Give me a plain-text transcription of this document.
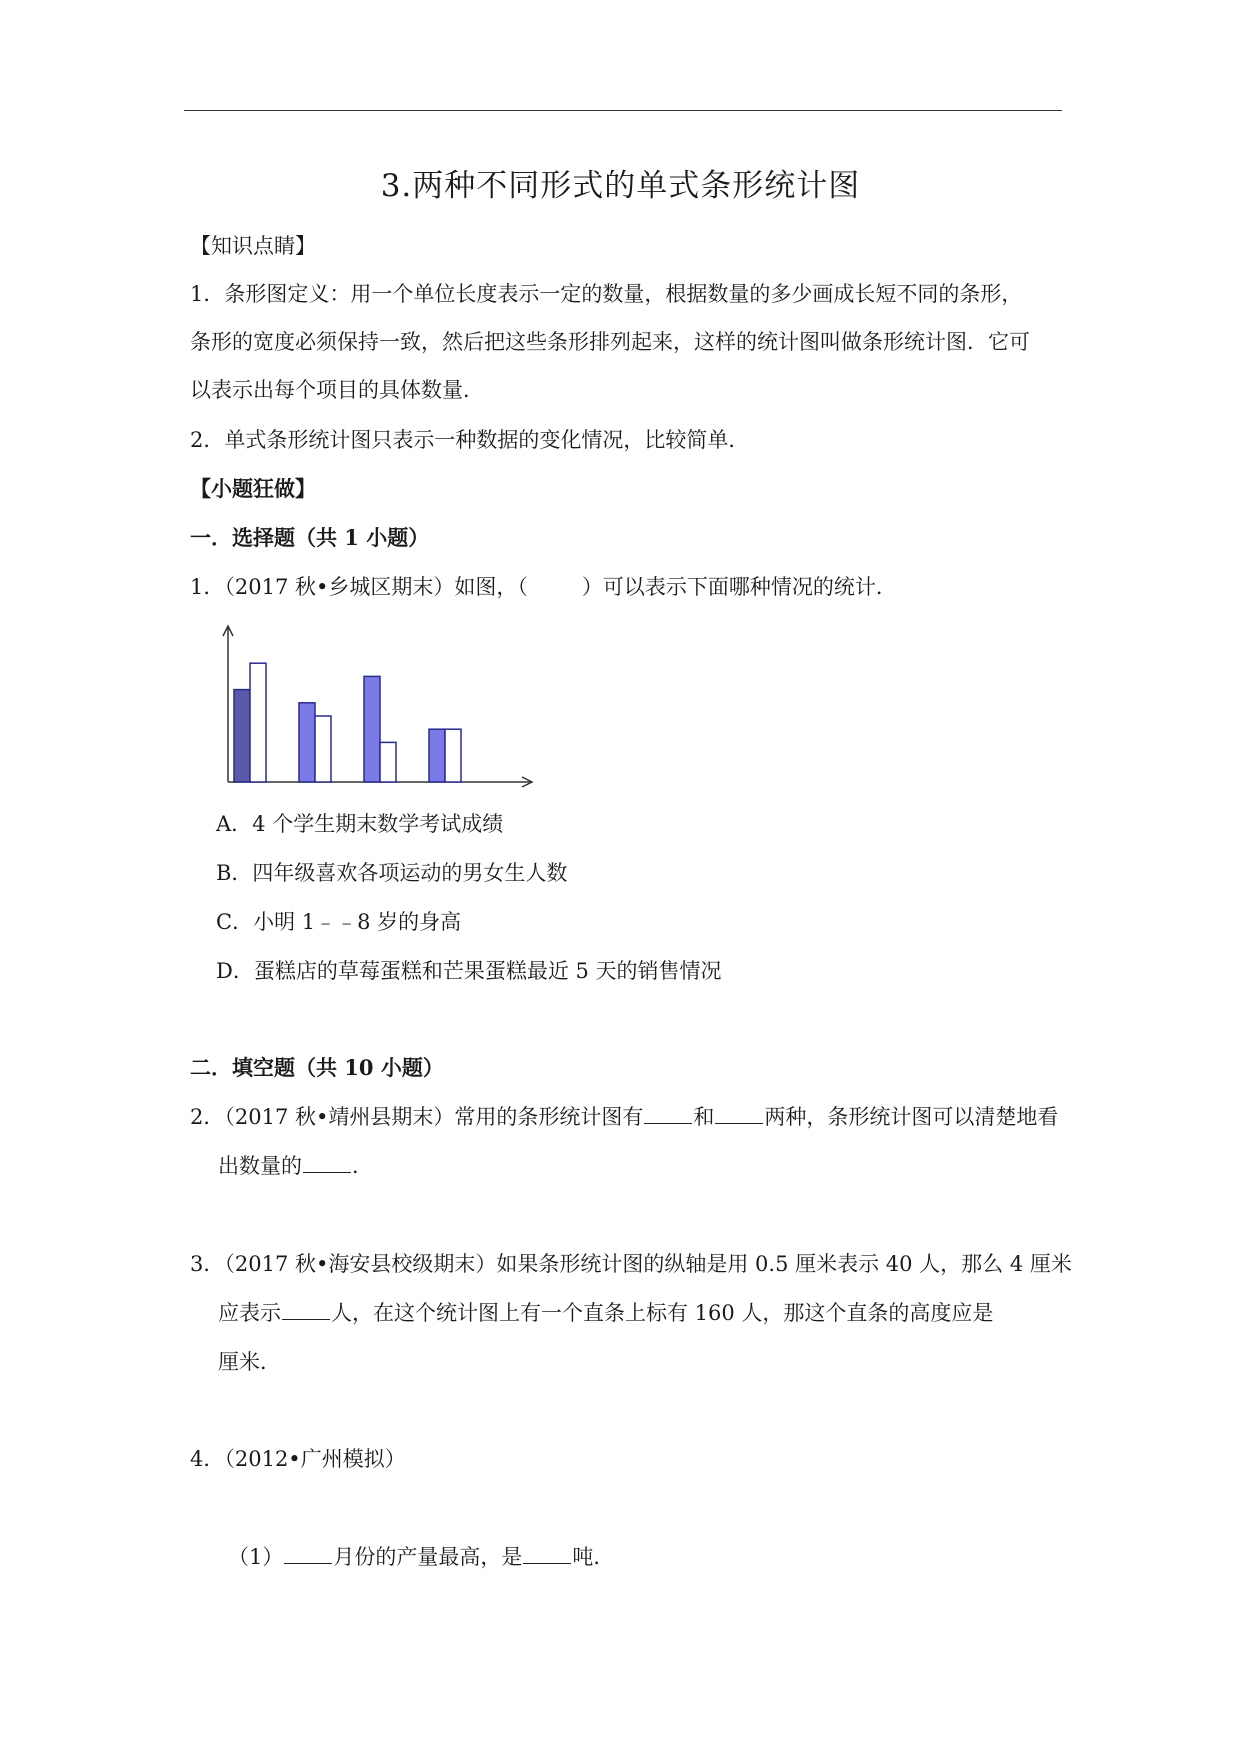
3.两种不同形式的单式条形统计图
【知识点睛】
1．条形图定义：用一个单位长度表示一定的数量，根据数量的多少画成长短不同的条形，
条形的宽度必须保持一致，然后把这些条形排列起来，这样的统计图叫做条形统计图．它可
以表示出每个项目的具体数量．
2．单式条形统计图只表示一种数据的变化情况，比较简单．
【小题狂做】
一．选择题（共 1 小题）
1．（2017 秋•乡城区期末）如图，（	）可以表示下面哪种情况的统计．
A．4 个学生期末数学考试成绩
B．四年级喜欢各项运动的男女生人数
C．小明 1﹣﹣8 岁的身高
D．蛋糕店的草莓蛋糕和芒果蛋糕最近 5 天的销售情况
二．填空题（共 10 小题）
2．（2017 秋•靖州县期末）常用的条形统计图有 和 两种，条形统计图可以清楚地看
出数量的 ．
3．（2017 秋•海安县校级期末）如果条形统计图的纵轴是用 0.5 厘米表示 40 人，那么 4 厘米
应表示 人，在这个统计图上有一个直条上标有 160 人，那这个直条的高度应是
厘米．
4．（2012•广州模拟）
（1） 月份的产量最高，是 吨．
